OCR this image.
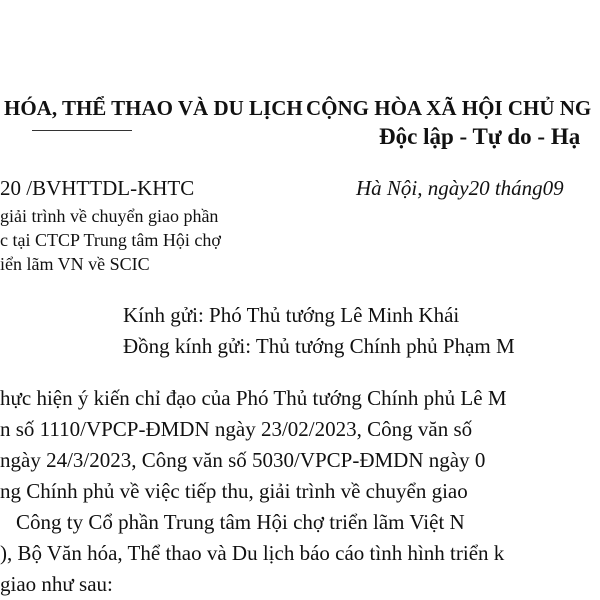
HÓA, THỂ THAO VÀ DU LỊCH CỘNG HÒA XÃ HỘI CHỦ NG
Độc lập - Tự do - Hạ
20 /BVHTTDL-KHTC	Hà Nội, ngày20 tháng09
giải trình về chuyển giao phần
c tại CTCP Trung tâm Hội chợ
iển lãm VN về SCIC
Kính gửi: Phó Thủ tướng Lê Minh Khái
Đồng kính gửi: Thủ tướng Chính phủ Phạm M
hực hiện ý kiến chỉ đạo của Phó Thủ tướng Chính phủ Lê M
n số 1110/VPCP-ĐMDN ngày 23/02/2023, Công văn số
ngày 24/3/2023, Công văn số 5030/VPCP-ĐMDN ngày 0
ng Chính phủ về việc tiếp thu, giải trình về chuyển giao
Công ty Cổ phần Trung tâm Hội chợ triển lãm Việt N
), Bộ Văn hóa, Thể thao và Du lịch báo cáo tình hình triển k
giao như sau:
